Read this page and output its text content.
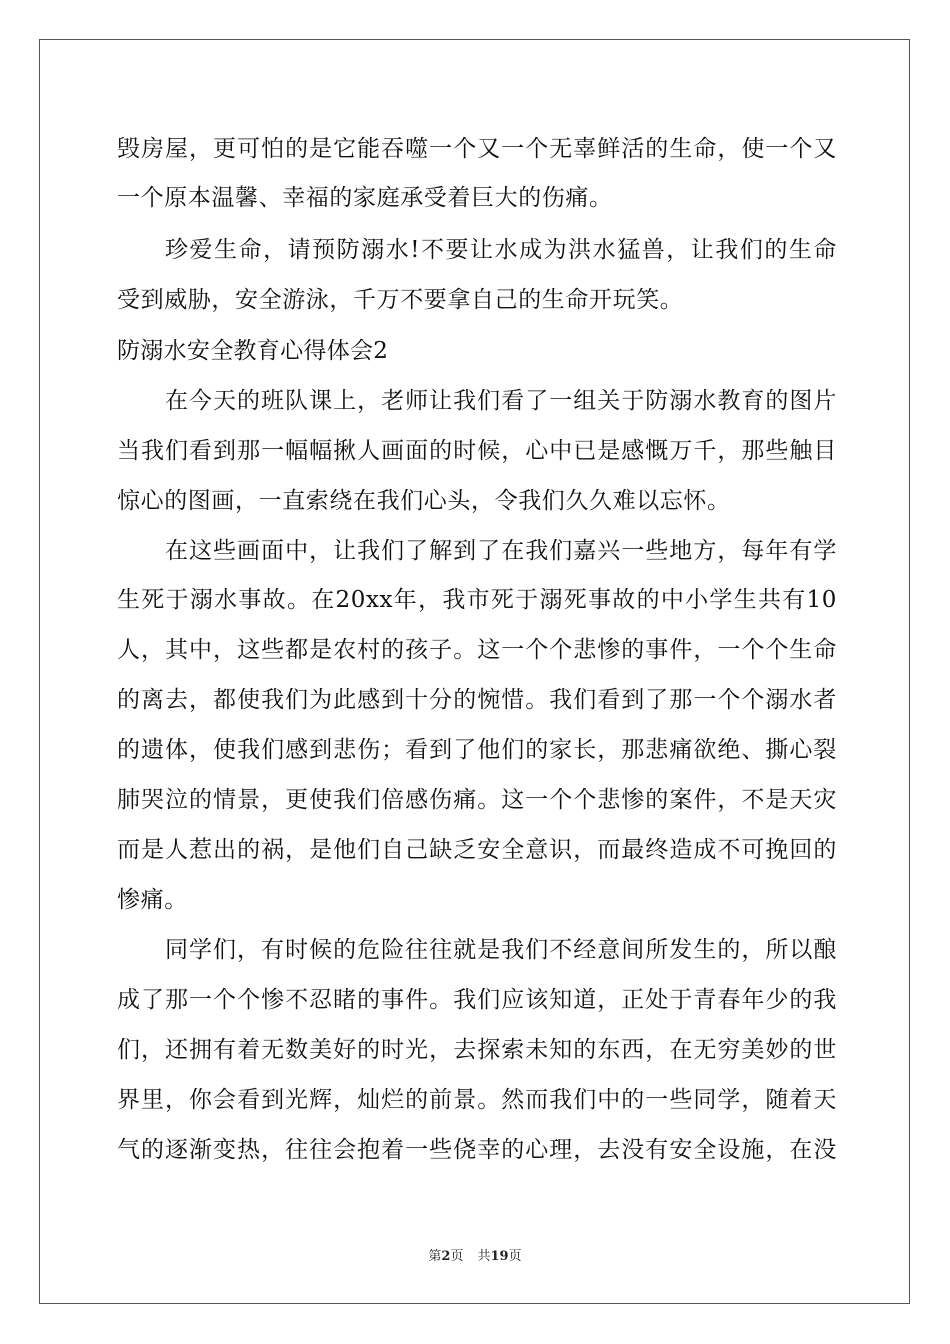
毁房屋，更可怕的是它能吞噬一个又一个无辜鲜活的生命，使一个又

一个原本温馨、幸福的家庭承受着巨大的伤痛。

珍爱生命，请预防溺水!不要让水成为洪水猛兽，让我们的生命

受到威胁，安全游泳，千万不要拿自己的生命开玩笑。

防溺水安全教育心得体会2

在今天的班队课上，老师让我们看了一组关于防溺水教育的图片

当我们看到那一幅幅揪人画面的时候，心中已是感慨万千，那些触目

惊心的图画，一直索绕在我们心头，令我们久久难以忘怀。

在这些画面中，让我们了解到了在我们嘉兴一些地方，每年有学

生死于溺水事故。在20xx年，我市死于溺死事故的中小学生共有10

人，其中，这些都是农村的孩子。这一个个悲惨的事件，一个个生命

的离去，都使我们为此感到十分的惋惜。我们看到了那一个个溺水者

的遗体，使我们感到悲伤；看到了他们的家长，那悲痛欲绝、撕心裂

肺哭泣的情景，更使我们倍感伤痛。这一个个悲惨的案件，不是天灾

而是人惹出的祸，是他们自己缺乏安全意识，而最终造成不可挽回的

惨痛。

同学们，有时候的危险往往就是我们不经意间所发生的，所以酿

成了那一个个惨不忍睹的事件。我们应该知道，正处于青春年少的我

们，还拥有着无数美好的时光，去探索未知的东西，在无穷美妙的世

界里，你会看到光辉，灿烂的前景。然而我们中的一些同学，随着天

气的逐渐变热，往往会抱着一些侥幸的心理，去没有安全设施，在没

第2页 共19页
